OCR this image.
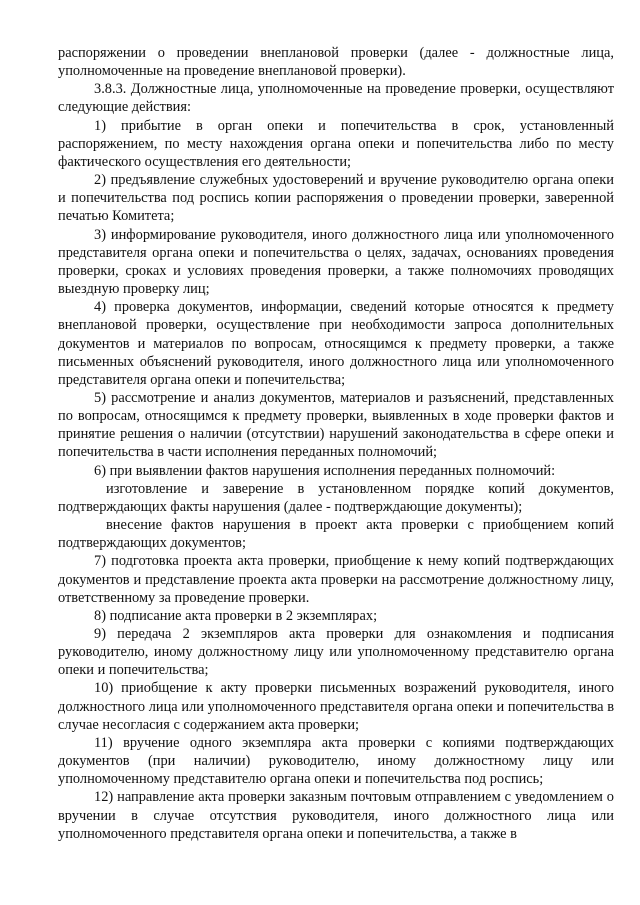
распоряжении о проведении внеплановой проверки (далее - должностные лица, уполномоченные на проведение внеплановой проверки).

3.8.3. Должностные лица, уполномоченные на проведение проверки, осуществляют следующие действия:

1) прибытие в орган опеки и попечительства в срок, установленный распоряжением, по месту нахождения органа опеки и попечительства либо по месту фактического осуществления его деятельности;

2) предъявление служебных удостоверений и вручение руководителю органа опеки и попечительства под роспись копии распоряжения о проведении проверки, заверенной печатью Комитета;

3) информирование руководителя, иного должностного лица или уполномоченного представителя органа опеки и попечительства о целях, задачах, основаниях проведения проверки, сроках и условиях проведения проверки, а также полномочиях проводящих выездную проверку лиц;

4) проверка документов, информации, сведений которые относятся к предмету внеплановой проверки, осуществление при необходимости запроса дополнительных документов и материалов по вопросам, относящимся к предмету проверки, а также письменных объяснений руководителя, иного должностного лица или уполномоченного представителя органа опеки и попечительства;

5) рассмотрение и анализ документов, материалов и разъяснений, представленных по вопросам, относящимся к предмету проверки, выявленных в ходе проверки фактов и принятие решения о наличии (отсутствии) нарушений законодательства в сфере опеки и попечительства в части исполнения переданных полномочий;

6) при выявлении фактов нарушения исполнения переданных полномочий:

изготовление и заверение в установленном порядке копий документов, подтверждающих факты нарушения (далее - подтверждающие документы);

внесение фактов нарушения в проект акта проверки с приобщением копий подтверждающих документов;

7) подготовка проекта акта проверки, приобщение к нему копий подтверждающих документов и представление проекта акта проверки на рассмотрение должностному лицу, ответственному за проведение проверки.

8) подписание акта проверки в 2 экземплярах;

9) передача 2 экземпляров акта проверки для ознакомления и подписания руководителю, иному должностному лицу или уполномоченному представителю органа опеки и попечительства;

10) приобщение к акту проверки письменных возражений руководителя, иного должностного лица или уполномоченного представителя органа опеки и попечительства в случае несогласия с содержанием акта проверки;

11) вручение одного экземпляра акта проверки с копиями подтверждающих документов (при наличии) руководителю, иному должностному лицу или уполномоченному представителю органа опеки и попечительства под роспись;

12) направление акта проверки заказным почтовым отправлением с уведомлением о вручении в случае отсутствия руководителя, иного должностного лица или уполномоченного представителя органа опеки и попечительства, а также в
